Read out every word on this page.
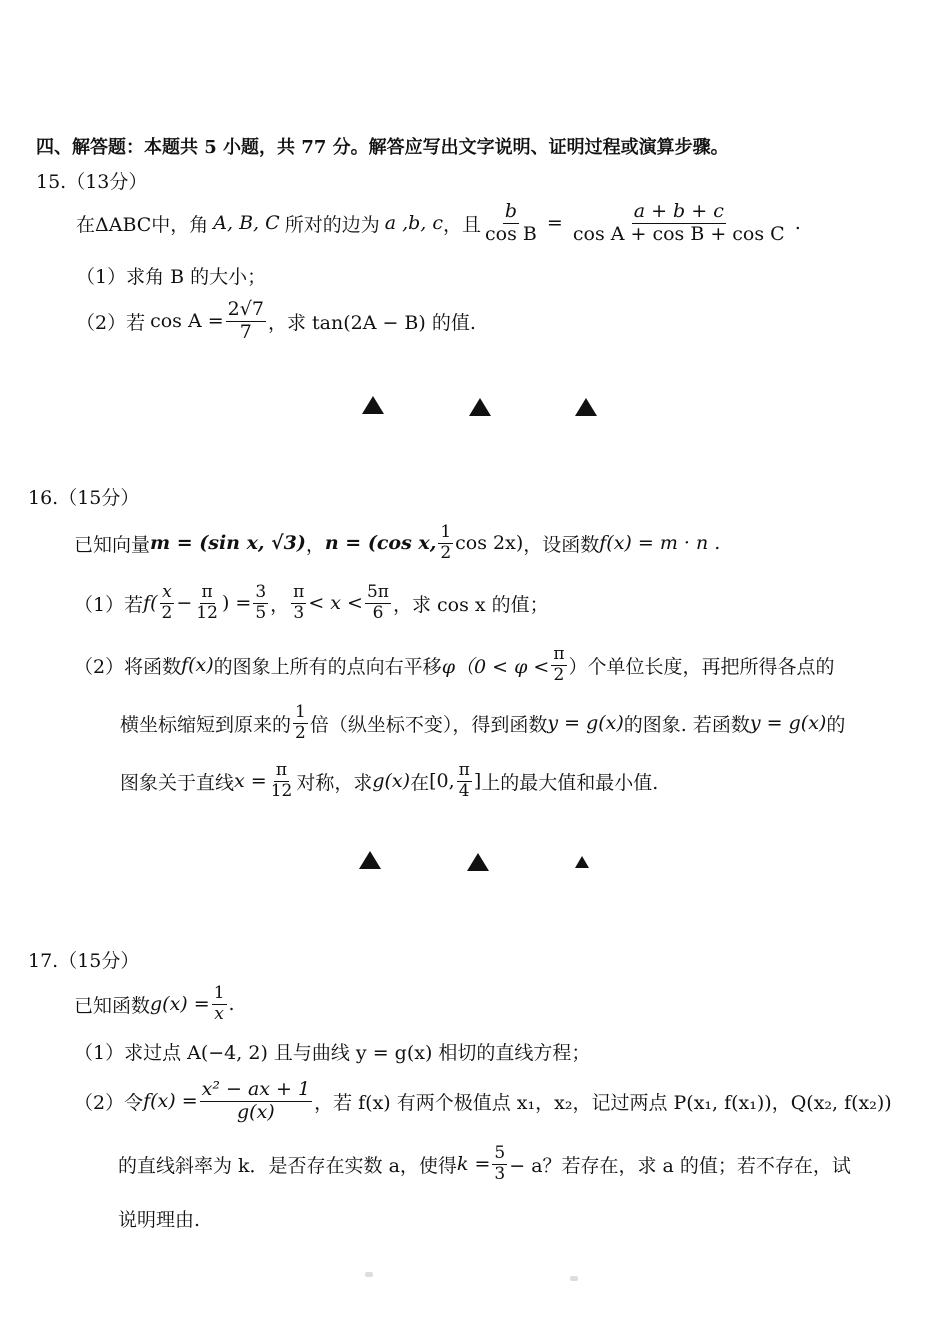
四、解答题：本题共 5 小题，共 77 分。解答应写出文字说明、证明过程或演算步骤。
15.（13分）
在ΔABC中，角 A, B, C 所对的边为 a ,b, c ，且 $\frac{b}{\text{cos B}} = \frac{a + b + c}{\text{cos A + cos B + cos C}}$ .
（1）求角 B 的大小；
（2）若 $\cos A = \frac{2√7}{7}$ ，求 tan(2A − B) 的值.
16.（15分）
已知向量 m = (sin x, √3) ， n = (cos x, $\frac{1}{2}$ cos 2x) ，设函数 f(x) = m · n .
（1）若 $f( \frac{x}{2} - \frac{\pi}{12}$ ) = $\frac{3}{5}$ ， $\frac{\pi}{3} < x < \frac{5\pi}{6}$ ，求 cos x 的值；
（2）将函数 f(x) 的图象上所有的点向右平移 $\varphi(0 < \varphi < \frac{\pi}{2}$ ）个单位长度，再把所得各点的
横坐标缩短到原来的 $\frac{1}{2}$ 倍（纵坐标不变），得到函数 y = g(x) 的图象. 若函数 y = g(x) 的
图象关于直线 $x = \frac{\pi}{12}$ 对称，求 g(x) 在 [0, $\frac{\pi}{4}$ ] 上的最大值和最小值.
17.（15分）
已知函数 $g(x) = \frac{1}{x}$ .
（1）求过点 A(−4, 2) 且与曲线 y = g(x) 相切的直线方程；
（2）令 $f(x) = \frac{\text{x² − ax + 1}}{g(x)}$ ，若 f(x) 有两个极值点 x₁，x₂，记过两点 P(x₁, f(x₁))，Q(x₂, f(x₂))
的直线斜率为 k．是否存在实数 a，使得 $k = \frac{5}{3} - a$？若存在，求 a 的值；若不存在，试
说明理由.
